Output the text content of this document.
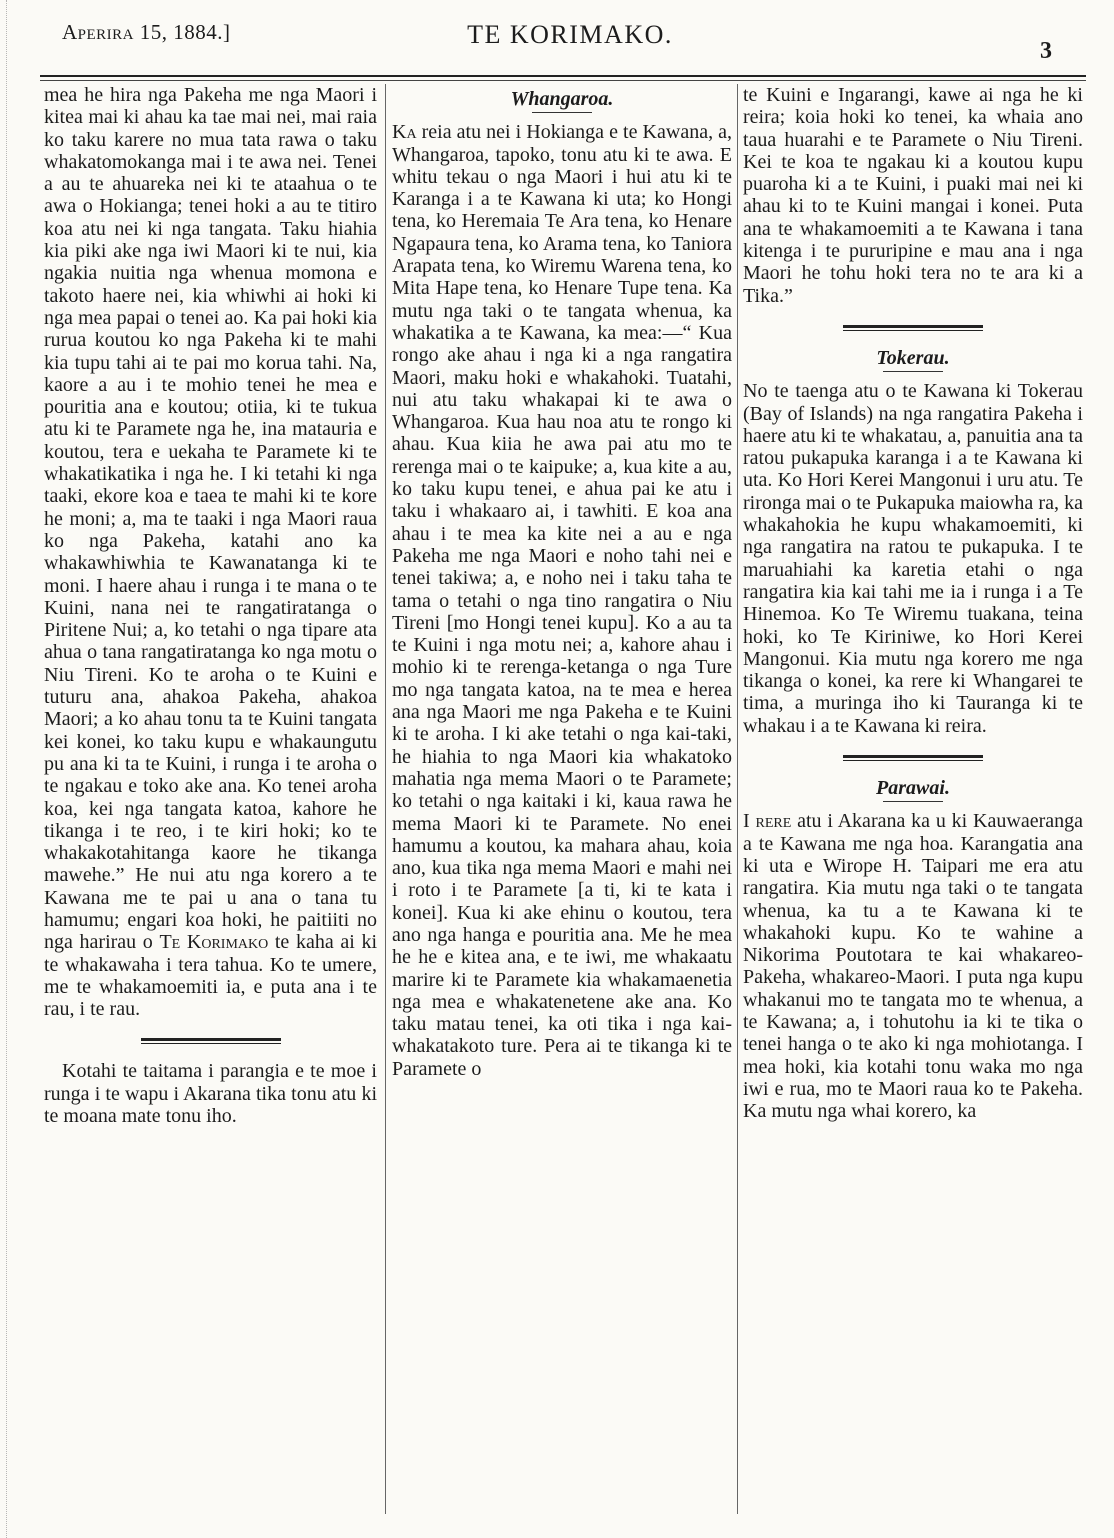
Aperira 15, 1884.]	TE KORIMAKO.
3

mea he hira nga Pakeha me nga Maori i kitea mai ki ahau ka tae mai nei, mai raia ko taku karere no mua tata rawa o taku whakatomokanga mai i te awa nei. Tenei a au te ahuareka nei ki te ataahua o te awa o Hokianga; tenei hoki a au te titiro koa atu nei ki nga tangata. Taku hiahia kia piki ake nga iwi Maori ki te nui, kia ngakia nuitia nga whenua momona e takoto haere nei, kia whiwhi ai hoki ki nga mea papai o tenei ao. Ka pai hoki kia rurua koutou ko nga Pakeha ki te mahi kia tupu tahi ai te pai mo korua tahi. Na, kaore a au i te mohio tenei he mea e pouritia ana e koutou; otiia, ki te tukua atu ki te Paramete nga he, ina matauria e koutou, tera e uekaha te Paramete ki te whakatikatika i nga he. I ki tetahi ki nga taaki, ekore koa e taea te mahi ki te kore he moni; a, ma te taaki i nga Maori raua ko nga Pakeha, katahi ano ka whakawhiwhia te Kawanatanga ki te moni. I haere ahau i runga i te mana o te Kuini, nana nei te rangatiratanga o Piritene Nui; a, ko tetahi o nga tipare ata ahua o tana rangatiratanga ko nga motu o Niu Tireni. Ko te aroha o te Kuini e tuturu ana, ahakoa Pakeha, ahakoa Maori; a ko ahau tonu ta te Kuini tangata kei konei, ko taku kupu e whakaungutu pu ana ki ta te Kuini, i runga i te aroha o te ngakau e toko ake ana. Ko tenei aroha koa, kei nga tangata katoa, kahore he tikanga i te reo, i te kiri hoki; ko te whakakotahitanga kaore he tikanga mawehe.” He nui atu nga korero a te Kawana me te pai u ana o tana tu hamumu; engari koa hoki, he paitiiti no nga harirau o Te Korimako te kaha ai ki te whakawaha i tera tahua. Ko te umere, me te whakamoemiti ia, e puta ana i te rau, i te rau.

Kotahi te taitama i parangia e te moe i runga i te wapu i Akarana tika tonu atu ki te moana mate tonu iho.

Whangaroa.

Ka reia atu nei i Hokianga e te Kawana, a, Whangaroa, tapoko, tonu atu ki te awa. E whitu tekau o nga Maori i hui atu ki te Karanga i a te Kawana ki uta; ko Hongi tena, ko Heremaia Te Ara tena, ko Henare Ngapaura tena, ko Arama tena, ko Taniora Arapata tena, ko Wiremu Warena tena, ko Mita Hape tena, ko Henare Tupe tena. Ka mutu nga taki o te tangata whenua, ka whakatika a te Kawana, ka mea:—“ Kua rongo ake ahau i nga ki a nga rangatira Maori, maku hoki e whakahoki. Tuatahi, nui atu taku whakapai ki te awa o Whangaroa. Kua hau noa atu te rongo ki ahau. Kua kiia he awa pai atu mo te rerenga mai o te kaipuke; a, kua kite a au, ko taku kupu tenei, e ahua pai ke atu i taku i whakaaro ai, i tawhiti. E koa ana ahau i te mea ka kite nei a au e nga Pakeha me nga Maori e noho tahi nei e tenei takiwa; a, e noho nei i taku taha te tama o tetahi o nga tino rangatira o Niu Tireni [mo Hongi tenei kupu]. Ko a au ta te Kuini i nga motu nei; a, kahore ahau i mohio ki te rerenga-ketanga o nga Ture mo nga tangata katoa, na te mea e herea ana nga Maori me nga Pakeha e te Kuini ki te aroha. I ki ake tetahi o nga kai-taki, he hiahia to nga Maori kia whakatoko mahatia nga mema Maori o te Paramete; ko tetahi o nga kaitaki i ki, kaua rawa he mema Maori ki te Paramete. No enei hamumu a koutou, ka mahara ahau, koia ano, kua tika nga mema Maori e mahi nei i roto i te Paramete [a ti, ki te kata i konei]. Kua ki ake ehinu o koutou, tera ano nga hanga e pouritia ana. Me he mea he he e kitea ana, e te iwi, me whakaatu marire ki te Paramete kia whakamaenetia nga mea e whakatenetene ake ana. Ko taku matau tenei, ka oti tika i nga kai-whakatakoto ture. Pera ai te tikanga ki te Paramete o

te Kuini e Ingarangi, kawe ai nga he ki reira; koia hoki ko tenei, ka whaia ano taua huarahi e te Paramete o Niu Tireni. Kei te koa te ngakau ki a koutou kupu puaroha ki a te Kuini, i puaki mai nei ki ahau ki to te Kuini mangai i konei. Puta ana te whakamoemiti a te Kawana i tana kitenga i te pururipine e mau ana i nga Maori he tohu hoki tera no te ara ki a Tika.”

Tokerau.

No te taenga atu o te Kawana ki Tokerau (Bay of Islands) na nga rangatira Pakeha i haere atu ki te whakatau, a, panuitia ana ta ratou pukapuka karanga i a te Kawana ki uta. Ko Hori Kerei Mangonui i uru atu. Te rironga mai o te Pukapuka maiowha ra, ka whakahokia he kupu whakamoemiti, ki nga rangatira na ratou te pukapuka. I te maruahiahi ka karetia etahi o nga rangatira kia kai tahi me ia i runga i a Te Hinemoa. Ko Te Wiremu tuakana, teina hoki, ko Te Kiriniwe, ko Hori Kerei Mangonui. Kia mutu nga korero me nga tikanga o konei, ka rere ki Whangarei te tima, a muringa iho ki Tauranga ki te whakau i a te Kawana ki reira.

Parawai.

I rere atu i Akarana ka u ki Kauwaeranga a te Kawana me nga hoa. Karangatia ana ki uta e Wirope H. Taipari me era atu rangatira. Kia mutu nga taki o te tangata whenua, ka tu a te Kawana ki te whakahoki kupu. Ko te wahine a Nikorima Poutotara te kai whakareo-Pakeha, whakareo-Maori. I puta nga kupu whakanui mo te tangata mo te whenua, a te Kawana; a, i tohutohu ia ki te tika o tenei hanga o te ako ki nga mohiotanga. I mea hoki, kia kotahi tonu waka mo nga iwi e rua, mo te Maori raua ko te Pakeha. Ka mutu nga whai korero, ka
